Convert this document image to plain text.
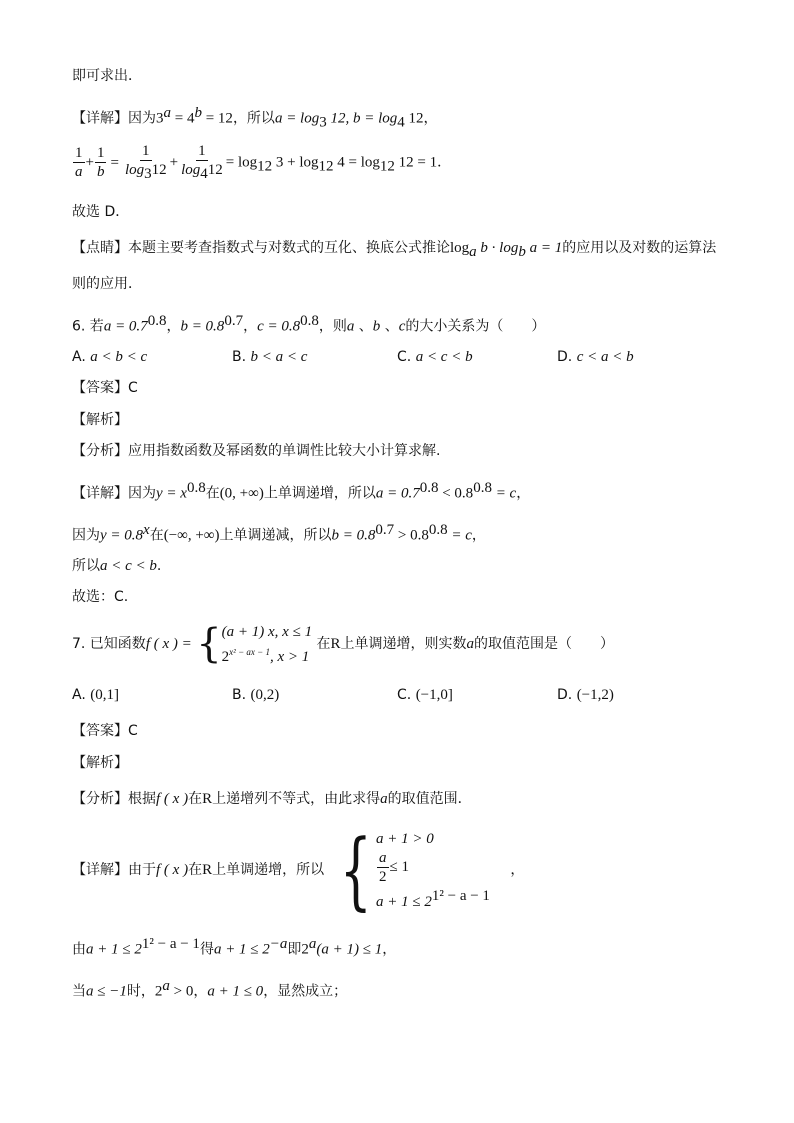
即可求出．
【详解】因为$3^a = 4^b = 12$，所以$a = \log_3 12$, $b = \log_4 12$，
$\frac{1}{a} + \frac{1}{b} = \frac{1}{\log_312} + \frac{1}{\log_412} = \log_{12} 3 + \log_{12} 4 = \log_{12} 12 = 1$．
故选 D．
【点睛】本题主要考查指数式与对数式的互化、换底公式推论$\log_a b \cdot \log_b a = 1$的应用以及对数的运算法
则的应用．
6. 若$a = 0.7^{0.8}$，$b = 0.8^{0.7}$，$c = 0.8^{0.8}$，则a 、b 、c的大小关系为（　　）
A. a < b < c	B. b < a < c	C. a < c < b	D. c < a < b
【答案】C
【解析】
【分析】应用指数函数及幂函数的单调性比较大小计算求解.
【详解】因为$y = x^{0.8}$在(0, +∞)上单调递增，所以$a = 0.7^{0.8} < 0.8^{0.8} = c$，
因为$y = 0.8^x$在(−∞, +∞)上单调递减，所以$b = 0.8^{0.7} > 0.8^{0.8} = c$，
所以a < c < b.
故选：C.
7. 已知函数f ( x ) = { (a + 1) x, x ≤ 1
$2^{x^2 - ax - 1}$, x > 1
在R上单调递增，则实数a的取值范围是（　　）
A. (0,1]	B. (0,2)	C. (−1,0]	D. (−1,2)
【答案】C
【解析】
【分析】根据f ( x )在R上递增列不等式，由此求得a的取值范围．
【详解】由于f ( x )在R上单调递增，所以 { a + 1 > 0
$\frac{a}{2} \le 1$
$a + 1 \le 2^{1^2 - a - 1}$
，
由$a + 1 \le 2^{1^2 - a - 1}$得$a + 1 \le 2^{-a}$即$2^a(a + 1) \le 1$，
当a ≤ −1时，$2^a > 0$，a + 1 ≤ 0，显然成立；
